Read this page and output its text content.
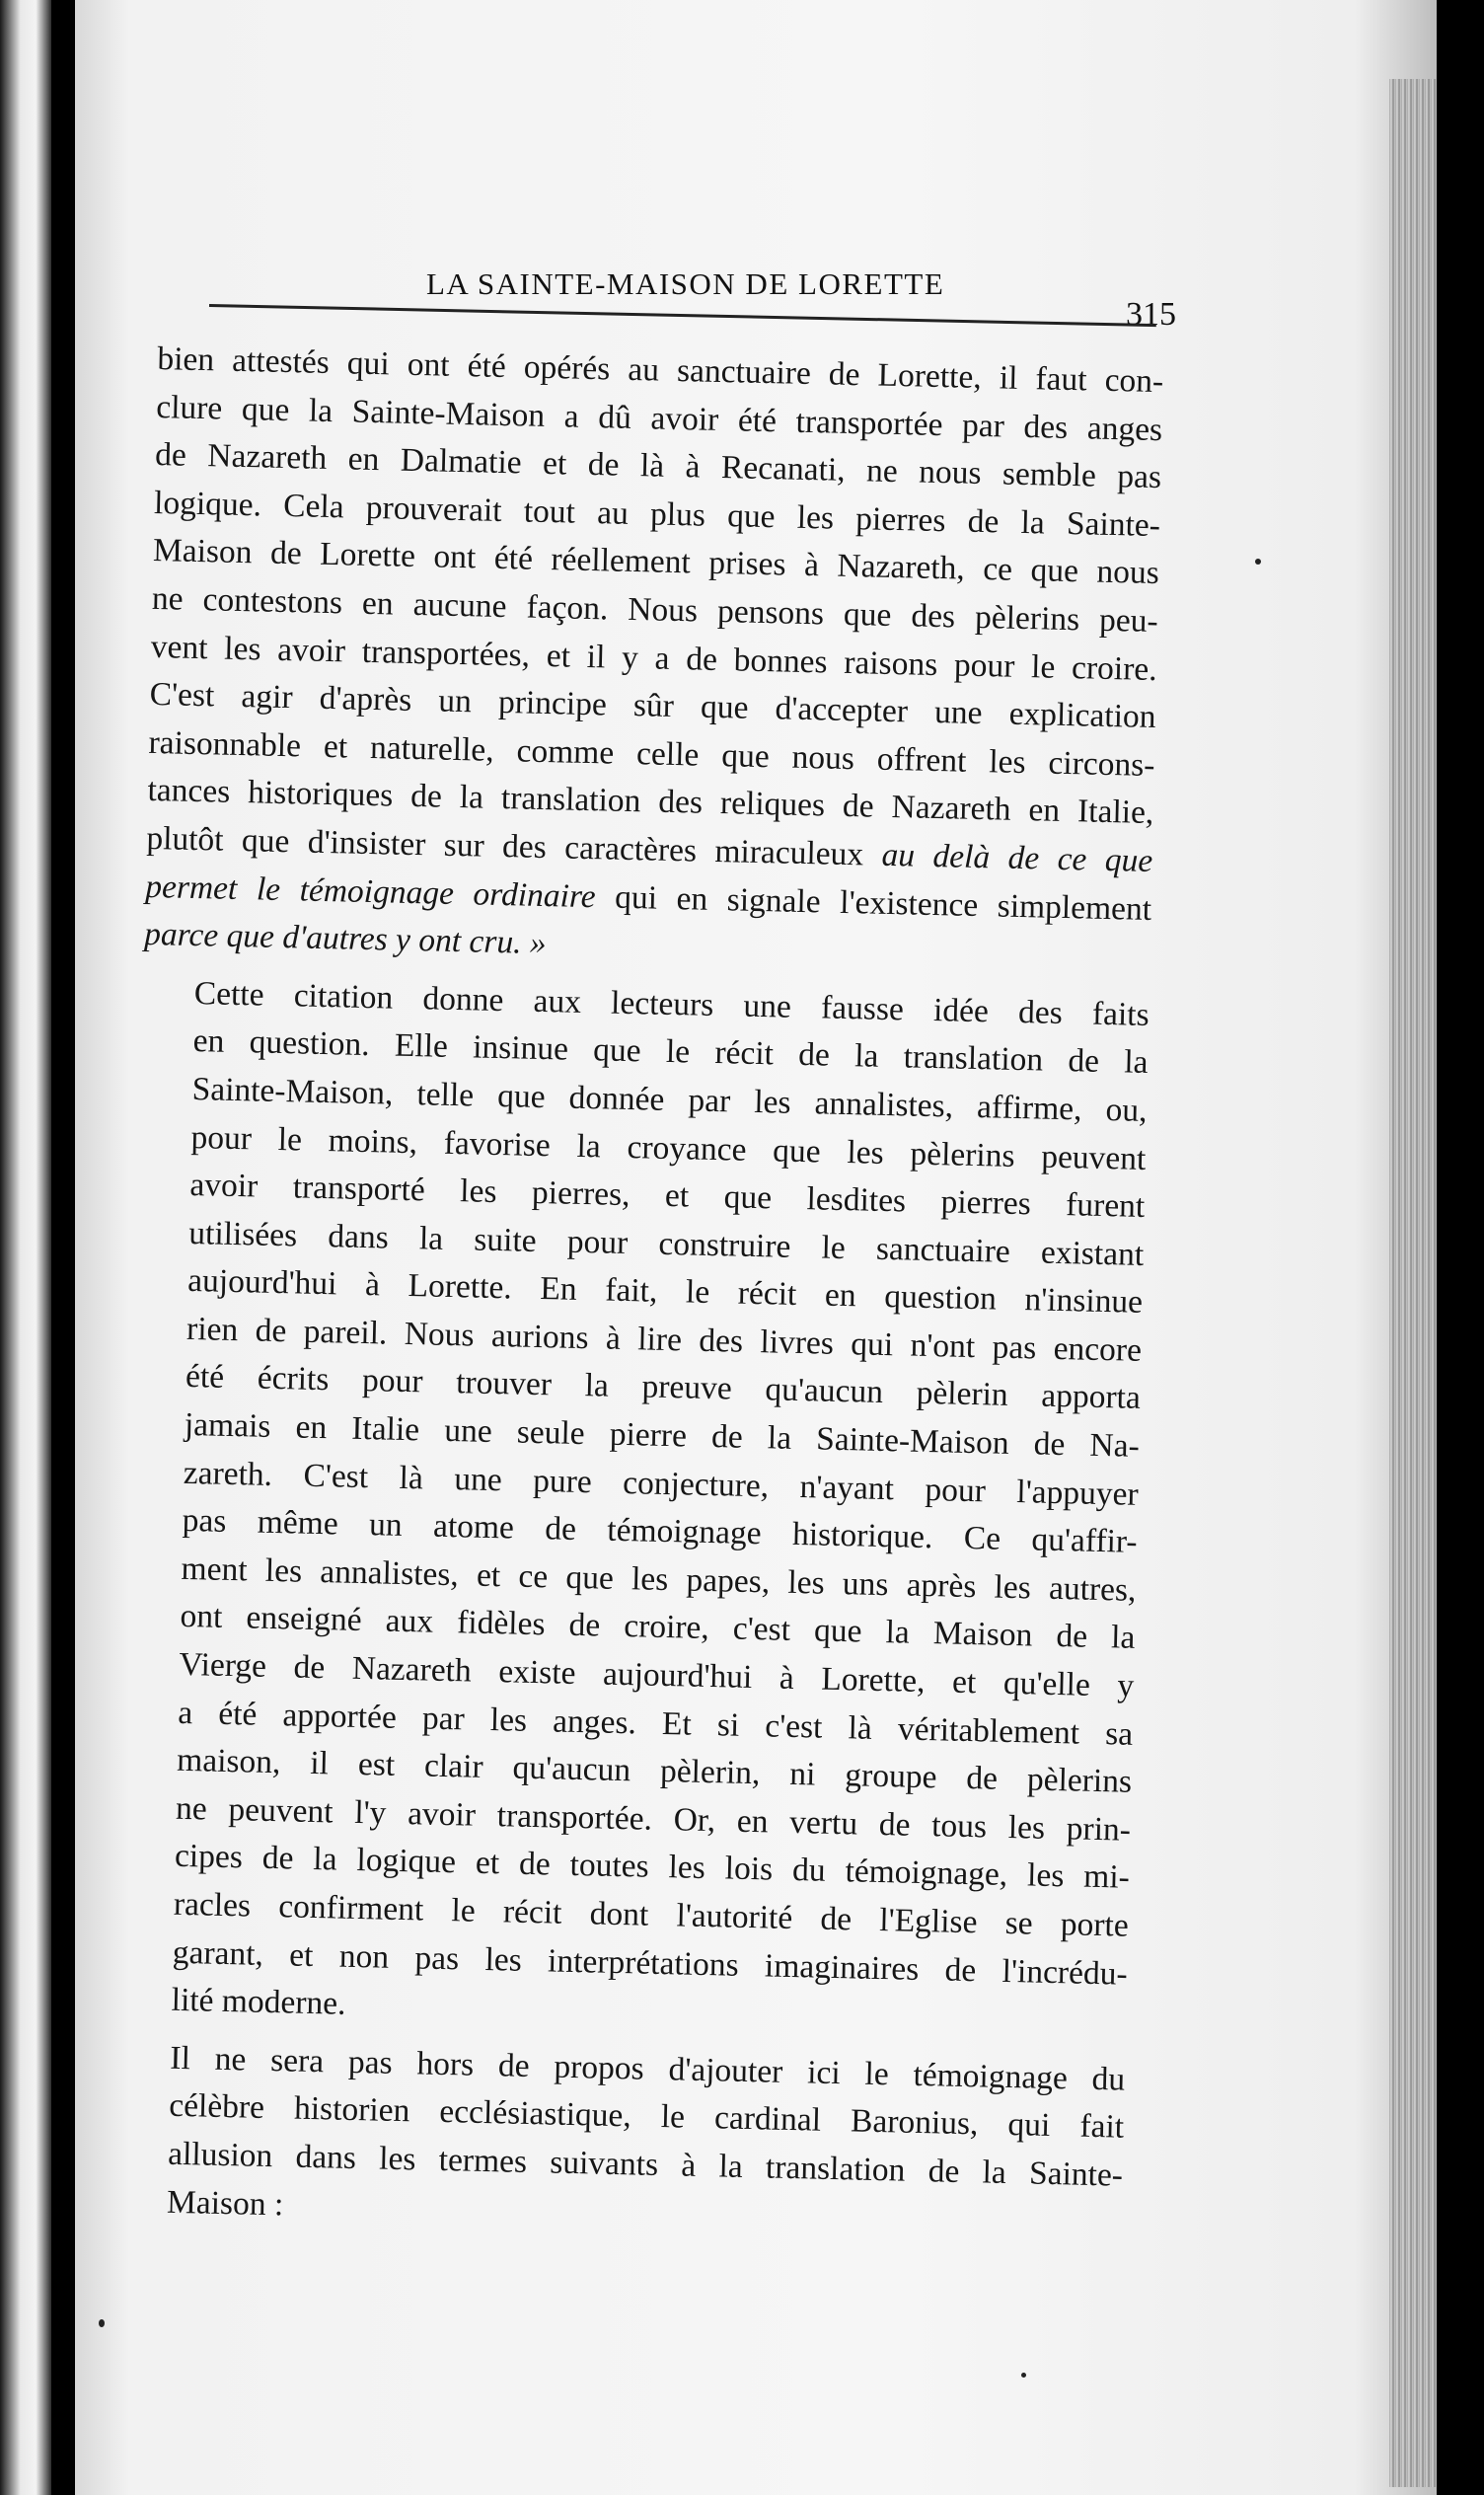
LA SAINTE-MAISON DE LORETTE
315

bien attestés qui ont été opérés au sanctuaire de Lorette, il faut con-
clure que la Sainte-Maison a dû avoir été transportée par des anges
de Nazareth en Dalmatie et de là à Recanati, ne nous semble pas
logique. Cela prouverait tout au plus que les pierres de la Sainte-
Maison de Lorette ont été réellement prises à Nazareth, ce que nous
ne contestons en aucune façon. Nous pensons que des pèlerins peu-
vent les avoir transportées, et il y a de bonnes raisons pour le croire.
C'est agir d'après un principe sûr que d'accepter une explication
raisonnable et naturelle, comme celle que nous offrent les circons-
tances historiques de la translation des reliques de Nazareth en Italie,
plutôt que d'insister sur des caractères miraculeux au delà de ce que
permet le témoignage ordinaire qui en signale l'existence simplement
parce que d'autres y ont cru. »

Cette citation donne aux lecteurs une fausse idée des faits
en question. Elle insinue que le récit de la translation de la
Sainte-Maison, telle que donnée par les annalistes, affirme, ou,
pour le moins, favorise la croyance que les pèlerins peuvent
avoir transporté les pierres, et que lesdites pierres furent
utilisées dans la suite pour construire le sanctuaire existant
aujourd'hui à Lorette. En fait, le récit en question n'insinue
rien de pareil. Nous aurions à lire des livres qui n'ont pas encore
été écrits pour trouver la preuve qu'aucun pèlerin apporta
jamais en Italie une seule pierre de la Sainte-Maison de Na-
zareth. C'est là une pure conjecture, n'ayant pour l'appuyer
pas même un atome de témoignage historique. Ce qu'affir-
ment les annalistes, et ce que les papes, les uns après les autres,
ont enseigné aux fidèles de croire, c'est que la Maison de la
Vierge de Nazareth existe aujourd'hui à Lorette, et qu'elle y
a été apportée par les anges. Et si c'est là véritablement sa
maison, il est clair qu'aucun pèlerin, ni groupe de pèlerins
ne peuvent l'y avoir transportée. Or, en vertu de tous les prin-
cipes de la logique et de toutes les lois du témoignage, les mi-
racles confirment le récit dont l'autorité de l'Eglise se porte
garant, et non pas les interprétations imaginaires de l'incrédu-
lité moderne.

Il ne sera pas hors de propos d'ajouter ici le témoignage du
célèbre historien ecclésiastique, le cardinal Baronius, qui fait
allusion dans les termes suivants à la translation de la Sainte-
Maison :
